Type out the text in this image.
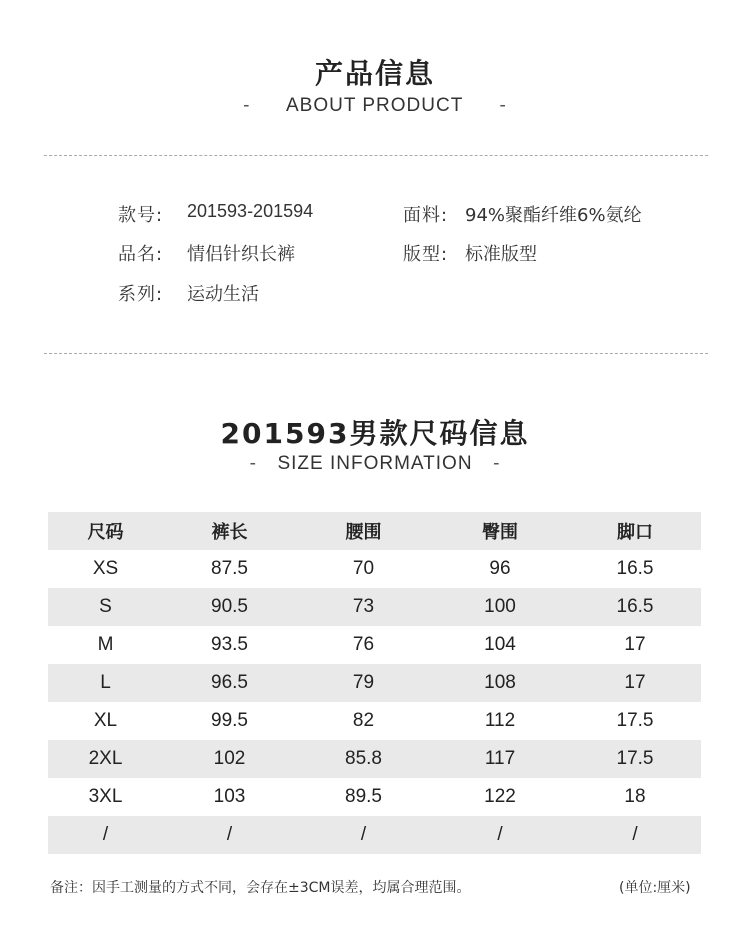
产品信息
- ABOUT PRODUCT -
款号: 201593-201594	面料: 94%聚酯纤维6%氨纶
品名: 情侣针织长裤	版型: 标准版型
系列: 运动生活
201593男款尺码信息
- SIZE INFORMATION -
尺码	裤长	腰围	臀围	脚口
XS	87.5	70	96	16.5
S	90.5	73	100	16.5
M	93.5	76	104	17
L	96.5	79	108	17
XL	99.5	82	112	17.5
2XL	102	85.8	117	17.5
3XL	103	89.5	122	18
/	/	/	/	/
备注：因手工测量的方式不同，会存在±3CM误差，均属合理范围。	(单位:厘米)
